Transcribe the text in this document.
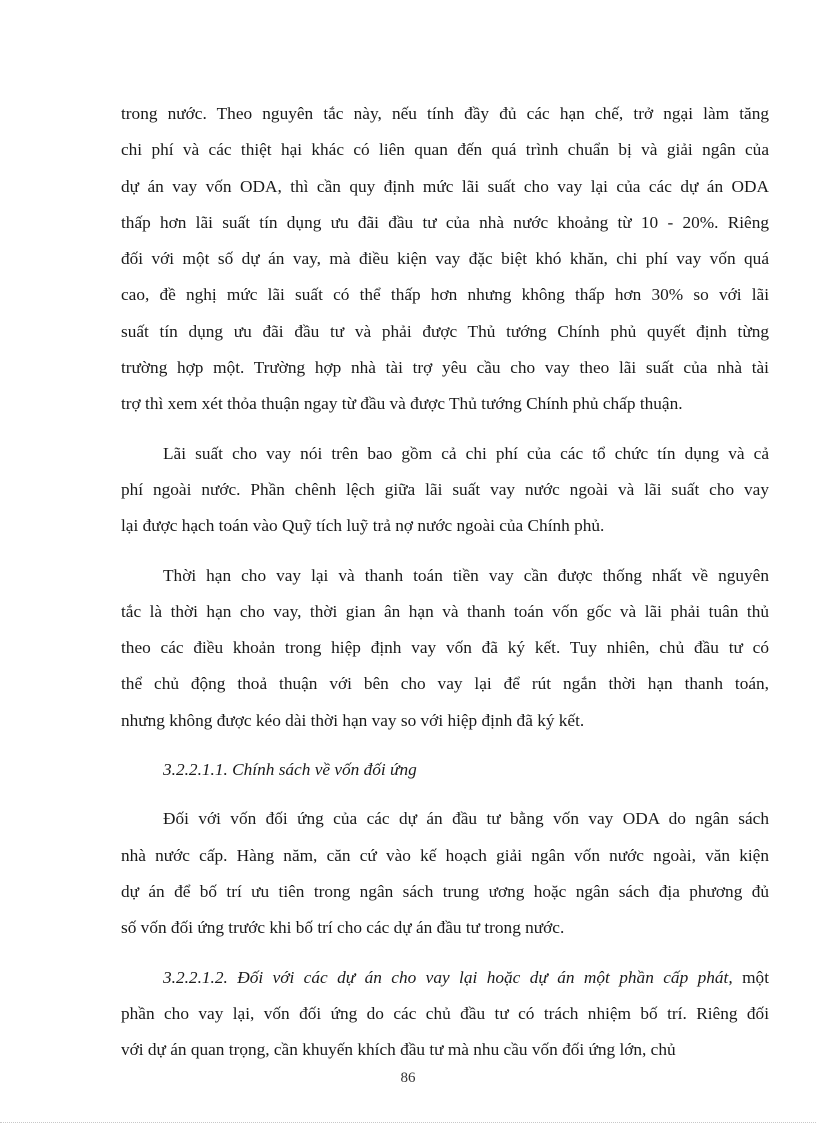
trong nước. Theo nguyên tắc này, nếu tính đầy đủ các hạn chế, trở ngại làm tăng
chi phí và các thiệt hại khác có liên quan đến quá trình chuẩn bị và giải ngân của
dự án vay vốn ODA, thì cần quy định mức lãi suất cho vay lại của các dự án ODA
thấp hơn lãi suất tín dụng ưu đãi đầu tư của nhà nước khoảng từ 10 - 20%. Riêng
đối với một số dự án vay, mà điều kiện vay đặc biệt khó khăn, chi phí vay vốn quá
cao, đề nghị mức lãi suất có thể thấp hơn nhưng không thấp hơn 30% so với lãi
suất tín dụng ưu đãi đầu tư và phải được Thủ tướng Chính phủ quyết định từng
trường hợp một. Trường hợp nhà tài trợ yêu cầu cho vay theo lãi suất của nhà tài
trợ thì xem xét thỏa thuận ngay từ đầu và được Thủ tướng Chính phủ chấp thuận.
Lãi suất cho vay nói trên bao gồm cả chi phí của các tổ chức tín dụng và cả
phí ngoài nước. Phần chênh lệch giữa lãi suất vay nước ngoài và lãi suất cho vay
lại được hạch toán vào Quỹ tích luỹ trả nợ nước ngoài của Chính phủ.
Thời hạn cho vay lại và thanh toán tiền vay cần được thống nhất về nguyên
tắc là thời hạn cho vay, thời gian ân hạn và thanh toán vốn gốc và lãi phải tuân thủ
theo các điều khoản trong hiệp định vay vốn đã ký kết. Tuy nhiên, chủ đầu tư có
thể chủ động thoả thuận với bên cho vay lại để rút ngắn thời hạn thanh toán,
nhưng không được kéo dài thời hạn vay so với hiệp định đã ký kết.
3.2.2.1.1. Chính sách về vốn đối ứng
Đối với vốn đối ứng của các dự án đầu tư bằng vốn vay ODA do ngân sách
nhà nước cấp. Hàng năm, căn cứ vào kế hoạch giải ngân vốn nước ngoài, văn kiện
dự án để bố trí ưu tiên trong ngân sách trung ương hoặc ngân sách địa phương đủ
số vốn đối ứng trước khi bố trí cho các dự án đầu tư trong nước.
3.2.2.1.2. Đối với các dự án cho vay lại hoặc dự án một phần cấp phát, một
phần cho vay lại, vốn đối ứng do các chủ đầu tư có trách nhiệm bố trí. Riêng đối
với dự án quan trọng, cần khuyến khích đầu tư mà nhu cầu vốn đối ứng lớn, chủ
86
